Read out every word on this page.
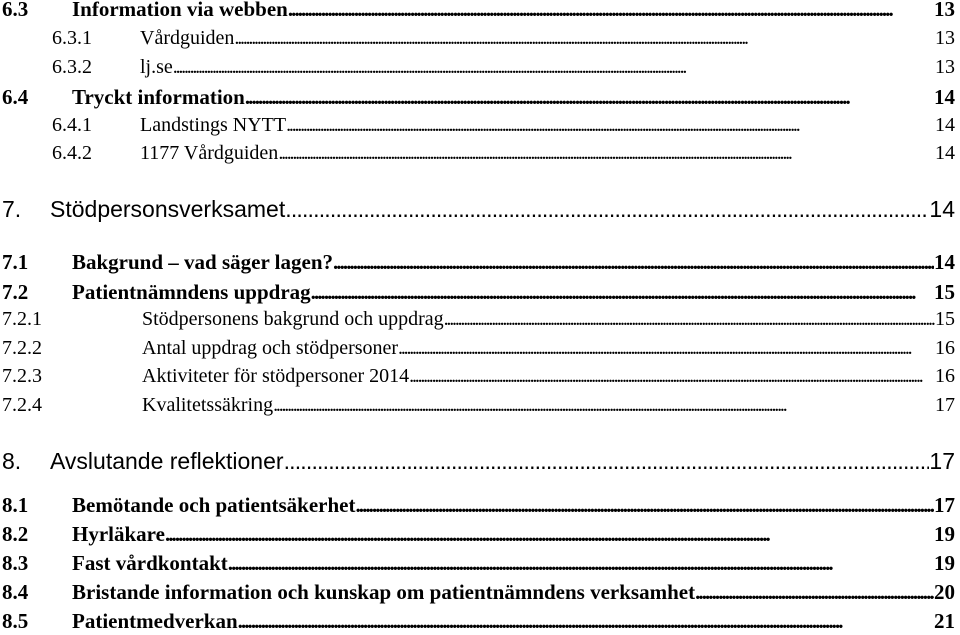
6.3	Information via webben . . .	13
6.3.1	Vårdguiden . . .	13
6.3.2	lj.se . . .	13
6.4	Tryckt information . . .	14
6.4.1	Landstings NYTT . . .	14
6.4.2	1177 Vårdguiden . . .	14
7.	Stödpersonsverksamet . . .	14
7.1	Bakgrund – vad säger lagen? . . .	14
7.2	Patientnämndens uppdrag . . .	15
7.2.1	Stödpersonens bakgrund och uppdrag . . .	15
7.2.2	Antal uppdrag och stödpersoner . . .	16
7.2.3	Aktiviteter för stödpersoner 2014 . . .	16
7.2.4	Kvalitetssäkring . . .	17
8.	Avslutande reflektioner . . .	17
8.1	Bemötande och patientsäkerhet . . .	17
8.2	Hyrläkare . . .	19
8.3	Fast vårdkontakt . . .	19
8.4	Bristande information och kunskap om patientnämndens verksamhet . . .	20
8.5	Patientmedverkan . . .	21
